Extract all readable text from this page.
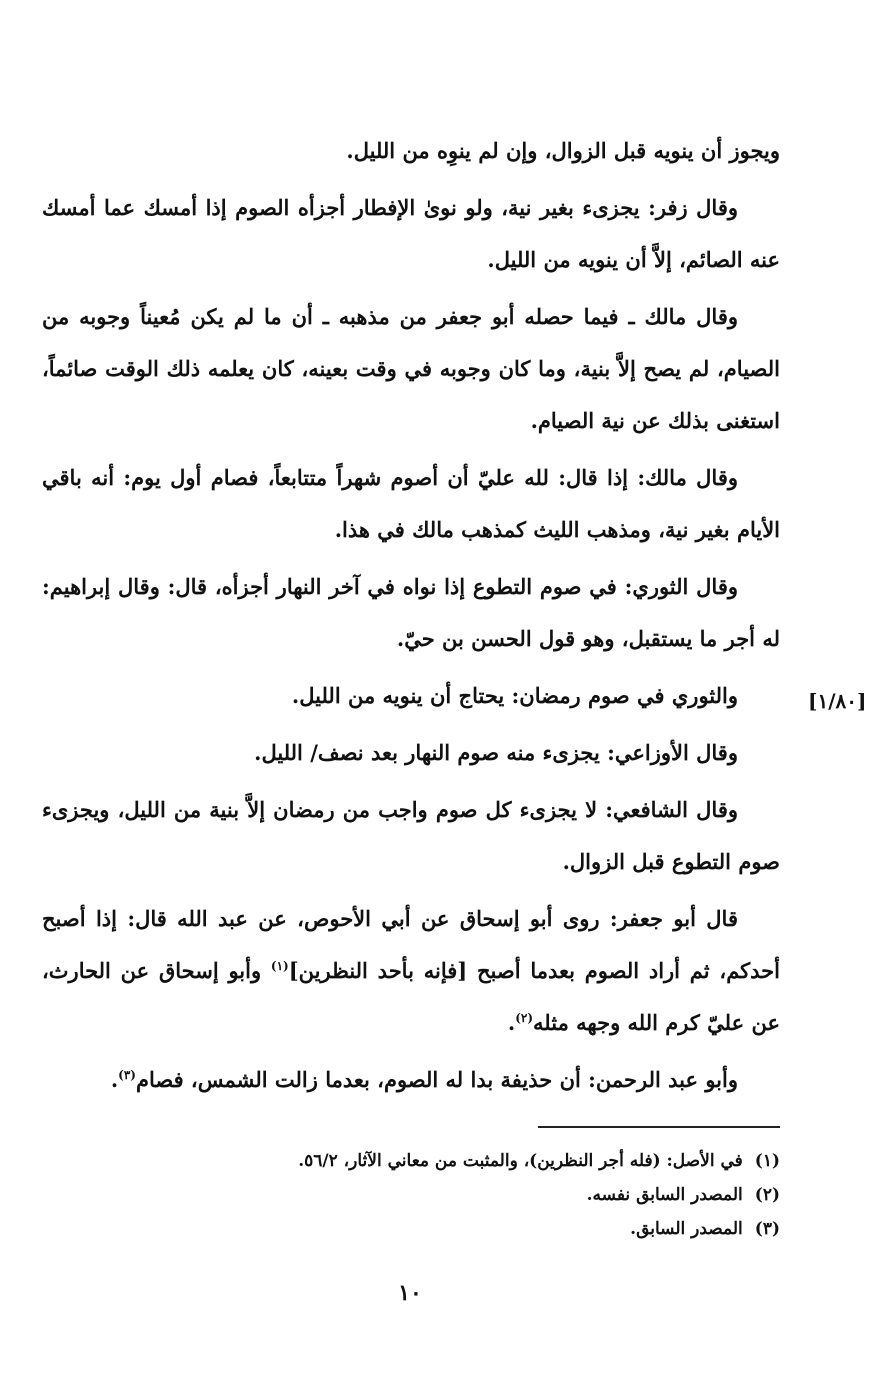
ويجوز أن ينويه قبل الزوال، وإن لم ينوِه من الليل.

وقال زفر: يجزىء بغير نية، ولو نوىٰ الإفطار أجزأه الصوم إذا أمسك عما أمسك عنه الصائم، إلاَّ أن ينويه من الليل.

وقال مالك ـ فيما حصله أبو جعفر من مذهبه ـ أن ما لم يكن مُعيناً وجوبه من الصيام، لم يصح إلاَّ بنية، وما كان وجوبه في وقت بعينه، كان يعلمه ذلك الوقت صائماً، استغنى بذلك عن نية الصيام.

وقال مالك: إذا قال: لله عليّ أن أصوم شهراً متتابعاً، فصام أول يوم: أنه باقي الأيام بغير نية، ومذهب الليث كمذهب مالك في هذا.

وقال الثوري: في صوم التطوع إذا نواه في آخر النهار أجزأه، قال: وقال إبراهيم: له أجر ما يستقبل، وهو قول الحسن بن حيّ.

والثوري في صوم رمضان: يحتاج أن ينويه من الليل.

وقال الأوزاعي: يجزىء منه صوم النهار بعد نصف/ الليل.

وقال الشافعي: لا يجزىء كل صوم واجب من رمضان إلاَّ بنية من الليل، ويجزىء صوم التطوع قبل الزوال.

قال أبو جعفر: روى أبو إسحاق عن أبي الأحوص، عن عبد الله قال: إذا أصبح أحدكم، ثم أراد الصوم بعدما أصبح [فإنه بأحد النظرين]$^{(١)}$ وأبو إسحاق عن الحارث، عن عليّ كرم الله وجهه مثله$^{(٢)}$.

وأبو عبد الرحمن: أن حذيفة بدا له الصوم، بعدما زالت الشمس، فصام$^{(٣)}$.

[١/٨٠]
(١)في الأصل: (فله أجر النظرين)، والمثبت من معاني الآثار، ٥٦/٢.
(٢)المصدر السابق نفسه.
(٣)المصدر السابق.
١٠
